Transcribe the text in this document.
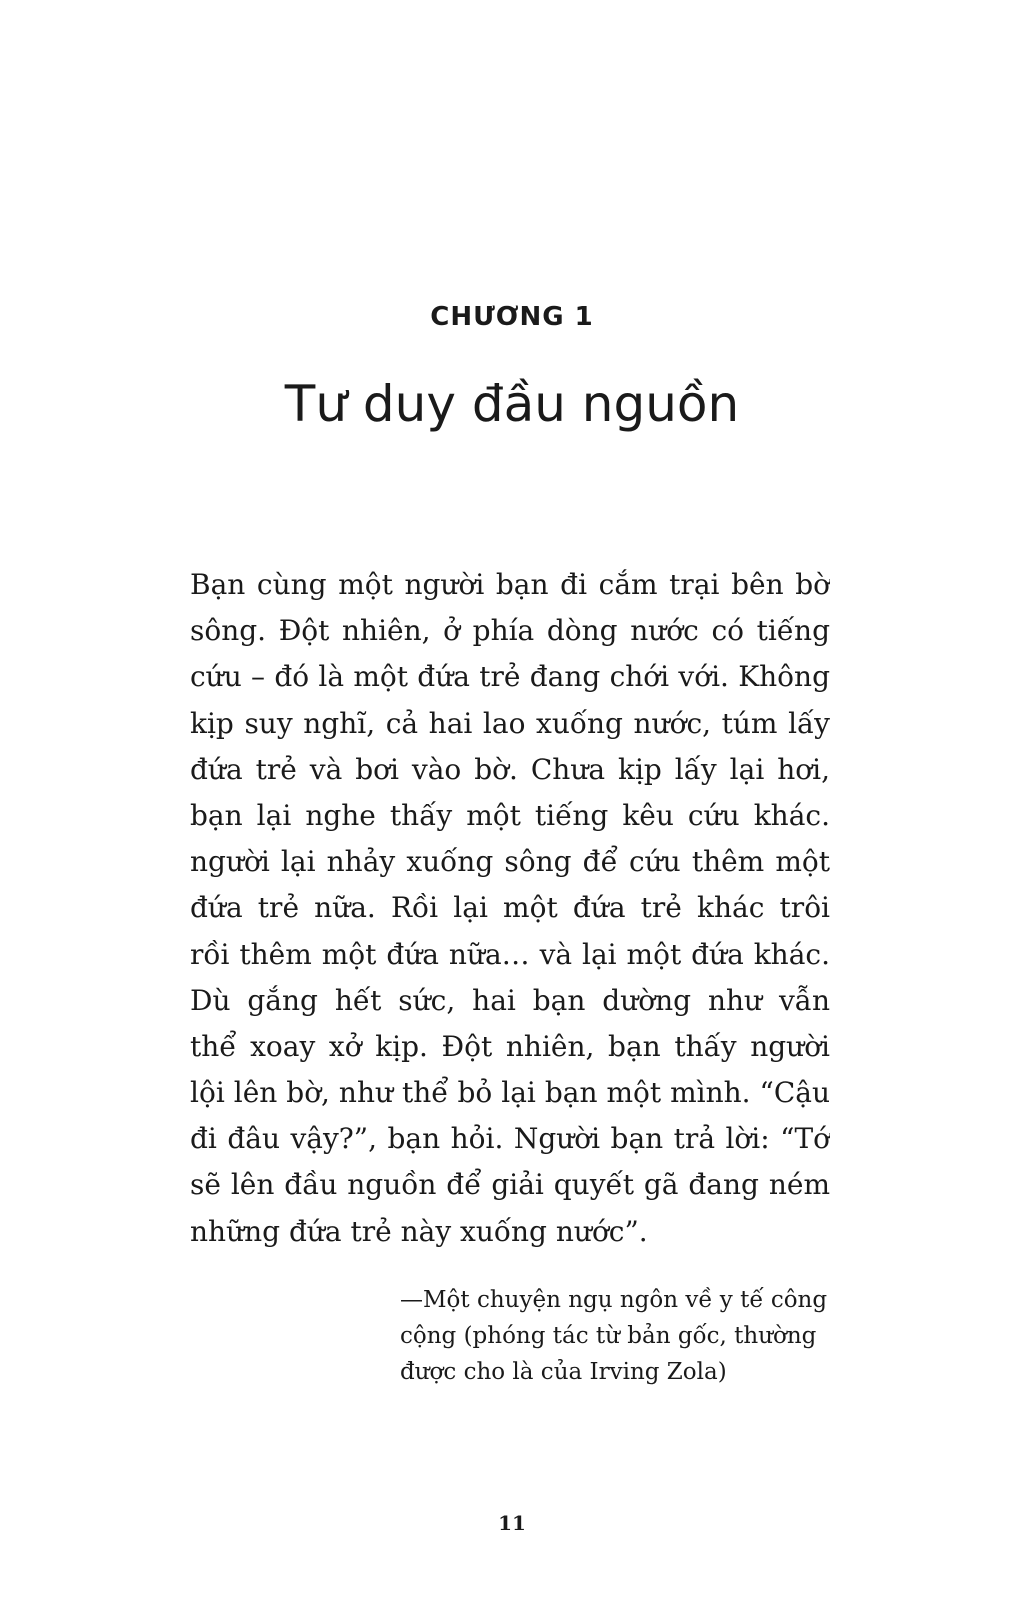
CHƯƠNG 1
Tư duy đầu nguồn
Bạn cùng một người bạn đi cắm trại bên bờ
sông. Đột nhiên, ở phía dòng nước có tiếng
cứu – đó là một đứa trẻ đang chới với. Không
kịp suy nghĩ, cả hai lao xuống nước, túm lấy
đứa trẻ và bơi vào bờ. Chưa kịp lấy lại hơi,
bạn lại nghe thấy một tiếng kêu cứu khác.
người lại nhảy xuống sông để cứu thêm một
đứa trẻ nữa. Rồi lại một đứa trẻ khác trôi
rồi thêm một đứa nữa… và lại một đứa khác.
Dù gắng hết sức, hai bạn dường như vẫn
thể xoay xở kịp. Đột nhiên, bạn thấy người
lội lên bờ, như thể bỏ lại bạn một mình. “Cậu
đi đâu vậy?”, bạn hỏi. Người bạn trả lời: “Tớ
sẽ lên đầu nguồn để giải quyết gã đang ném
những đứa trẻ này xuống nước”.
—Một chuyện ngụ ngôn về y tế công
cộng (phóng tác từ bản gốc, thường
được cho là của Irving Zola)
11
